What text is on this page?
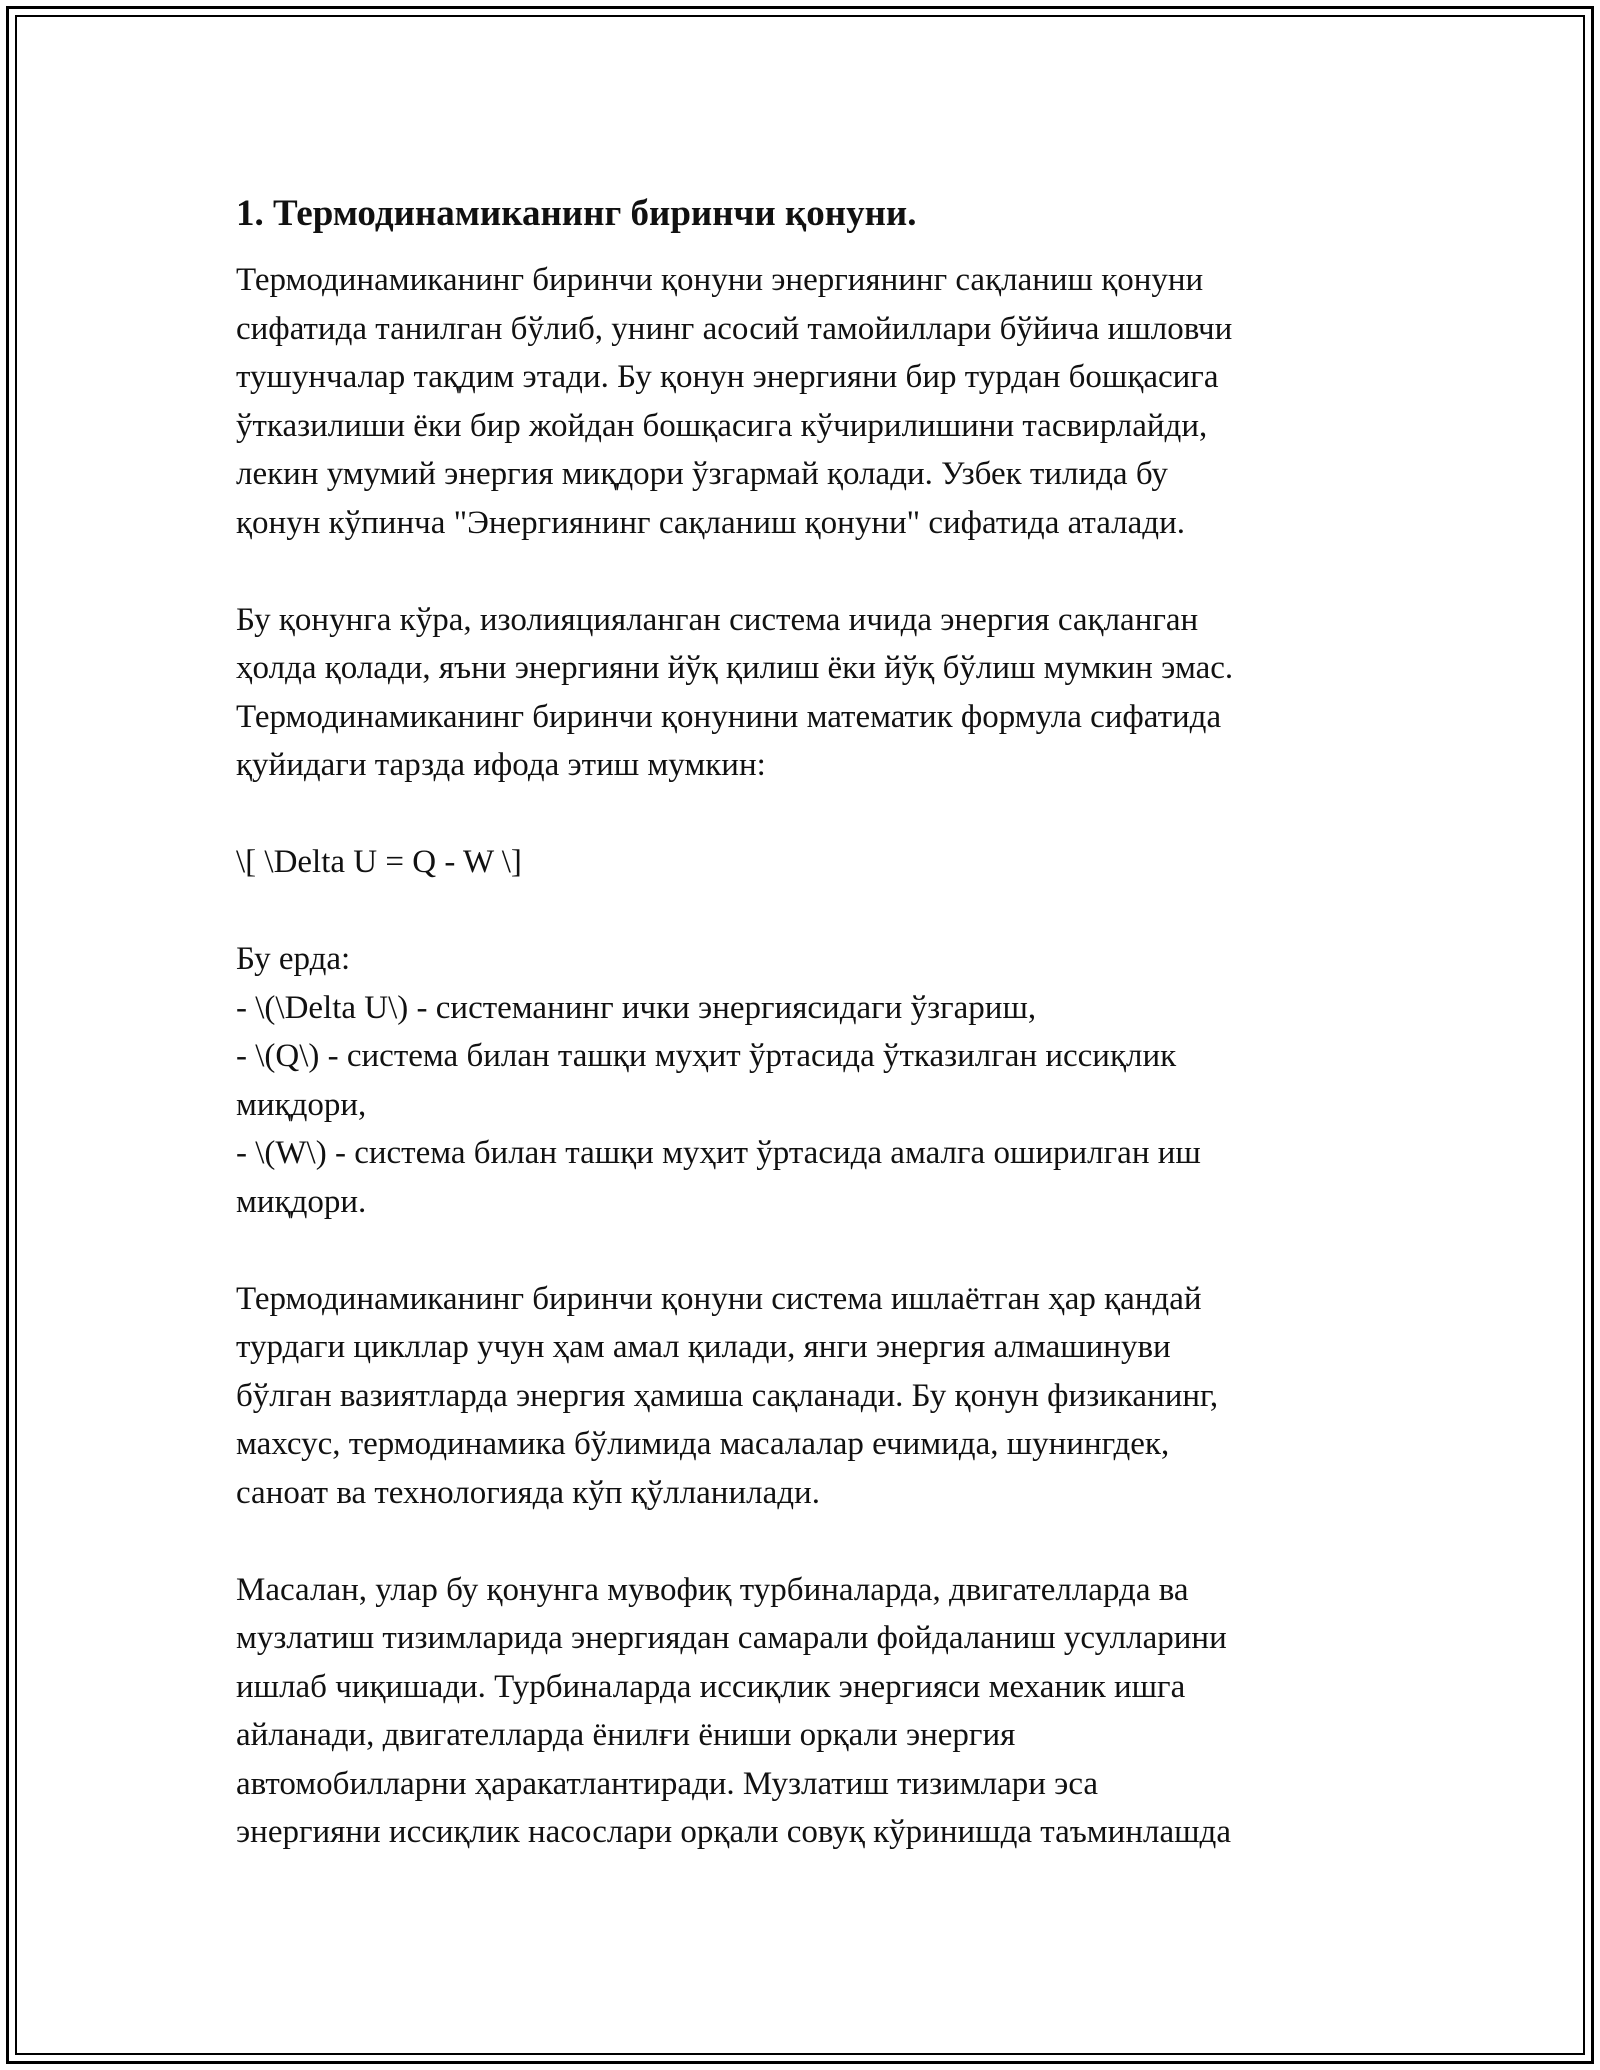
1. Термодинамиканинг биринчи қонуни.
Термодинамиканинг биринчи қонуни энергиянинг сақланиш қонуни
сифатида танилган бўлиб, унинг асосий тамойиллари бўйича ишловчи
тушунчалар тақдим этади. Бу қонун энергияни бир турдан бошқасига
ўтказилиши ёки бир жойдан бошқасига кўчирилишини тасвирлайди,
лекин умумий энергия миқдори ўзгармай қолади. Узбек тилида бу
қонун кўпинча "Энергиянинг сақланиш қонуни" сифатида аталади.
Бу қонунга кўра, изолияцияланган система ичида энергия сақланган
ҳолда қолади, яъни энергияни йўқ қилиш ёки йўқ бўлиш мумкин эмас.
Термодинамиканинг биринчи қонунини математик формула сифатида
қуйидаги тарзда ифода этиш мумкин:
\[ \Delta U = Q - W \]
Бу ерда:
- \(\Delta U\) - системанинг ички энергиясидаги ўзгариш,
- \(Q\) - система билан ташқи муҳит ўртасида ўтказилган иссиқлик
миқдори,
- \(W\) - система билан ташқи муҳит ўртасида амалга оширилган иш
миқдори.
Термодинамиканинг биринчи қонуни система ишлаётган ҳар қандай
турдаги цикллар учун ҳам амал қилади, янги энергия алмашинуви
бўлган вазиятларда энергия ҳамиша сақланади. Бу қонун физиканинг,
махсус, термодинамика бўлимида масалалар ечимида, шунингдек,
саноат ва технологияда кўп қўлланилади.
Масалан, улар бу қонунга мувофиқ турбиналарда, двигателларда ва
музлатиш тизимларида энергиядан самарали фойдаланиш усулларини
ишлаб чиқишади. Турбиналарда иссиқлик энергияси механик ишга
айланади, двигателларда ёнилғи ёниши орқали энергия
автомобилларни ҳаракатлантиради. Музлатиш тизимлари эса
энергияни иссиқлик насослари орқали совуқ кўринишда таъминлашда
